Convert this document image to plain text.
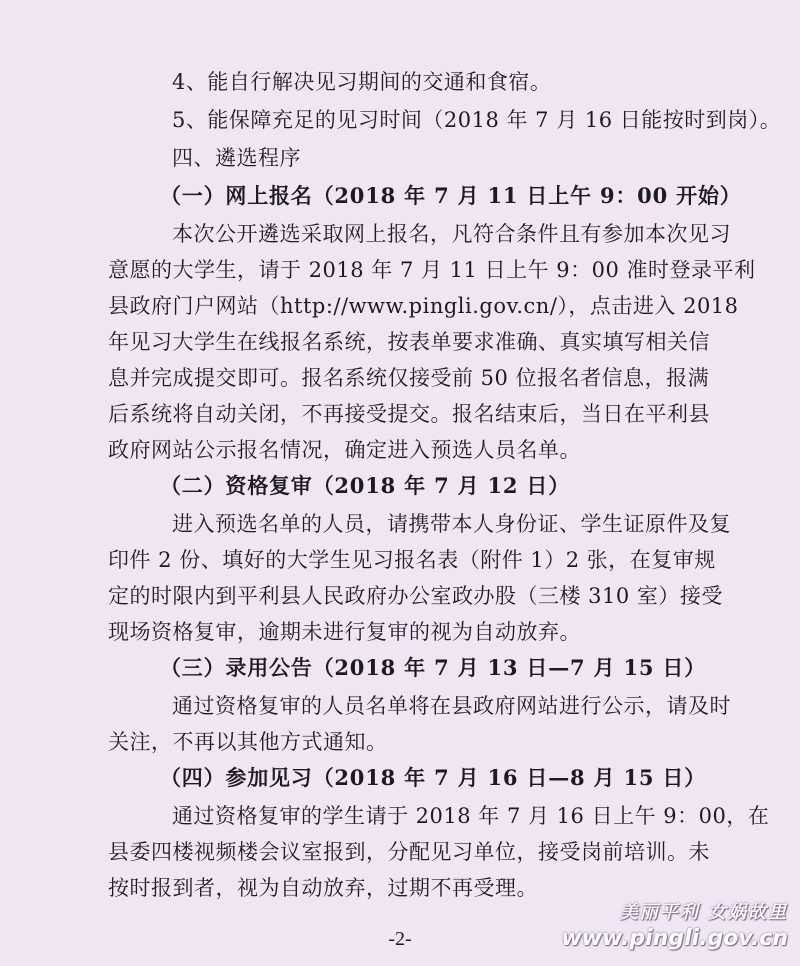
4、能自行解决见习期间的交通和食宿。
5、能保障充足的见习时间（2018 年 7 月 16 日能按时到岗）。
四、遴选程序
（一）网上报名（2018 年 7 月 11 日上午 9：00 开始）
本次公开遴选采取网上报名，凡符合条件且有参加本次见习
意愿的大学生，请于 2018 年 7 月 11 日上午 9：00 准时登录平利
县政府门户网站（http://www.pingli.gov.cn/），点击进入 2018
年见习大学生在线报名系统，按表单要求准确、真实填写相关信
息并完成提交即可。报名系统仅接受前 50 位报名者信息，报满
后系统将自动关闭，不再接受提交。报名结束后，当日在平利县
政府网站公示报名情况，确定进入预选人员名单。
（二）资格复审（2018 年 7 月 12 日）
进入预选名单的人员，请携带本人身份证、学生证原件及复
印件 2 份、填好的大学生见习报名表（附件 1）2 张，在复审规
定的时限内到平利县人民政府办公室政办股（三楼 310 室）接受
现场资格复审，逾期未进行复审的视为自动放弃。
（三）录用公告（2018 年 7 月 13 日—7 月 15 日）
通过资格复审的人员名单将在县政府网站进行公示，请及时
关注，不再以其他方式通知。
（四）参加见习（2018 年 7 月 16 日—8 月 15 日）
通过资格复审的学生请于 2018 年 7 月 16 日上午 9：00，在
县委四楼视频楼会议室报到，分配见习单位，接受岗前培训。未
按时报到者，视为自动放弃，过期不再受理。
-2-
美丽平利 女娲故里
www.pingli.gov.cn
